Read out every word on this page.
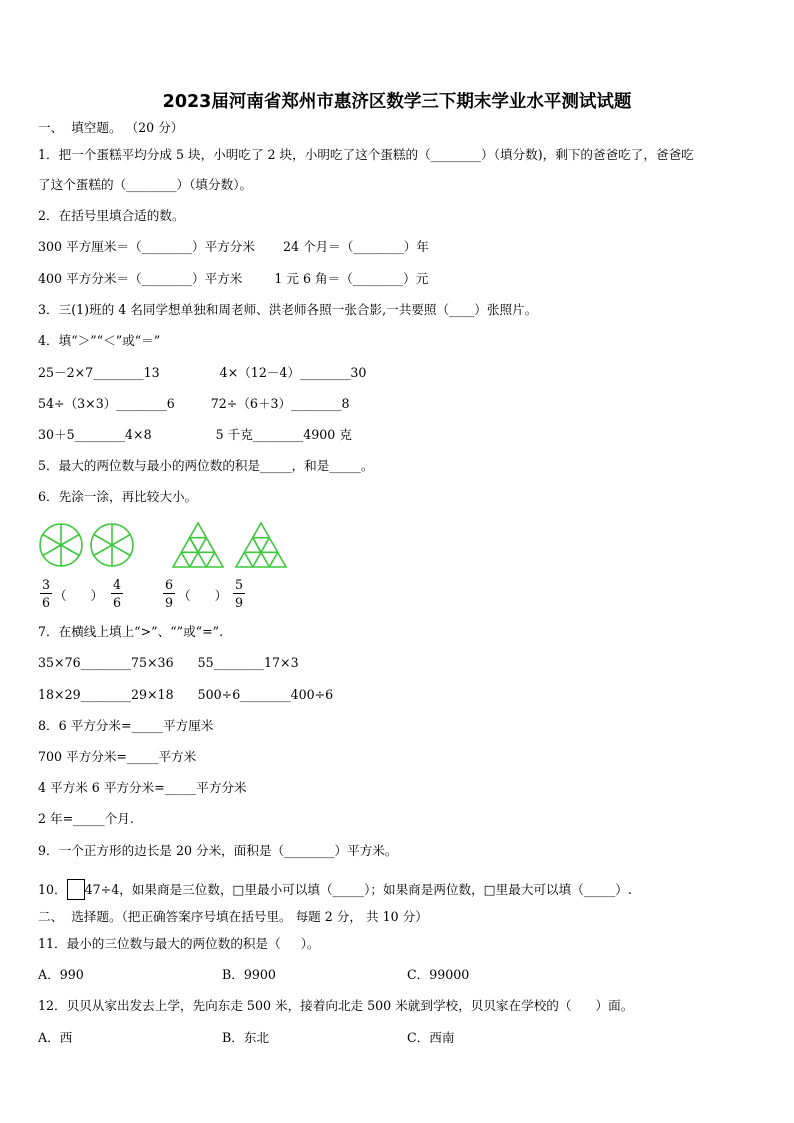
2023届河南省郑州市惠济区数学三下期末学业水平测试试题
一、  填空题。 （20 分）
1．把一个蛋糕平均分成 5 块，小明吃了 2 块，小明吃了这个蛋糕的（________）（填分数)，剩下的爸爸吃了，爸爸吃
了这个蛋糕的（________）（填分数）。
2．在括号里填合适的数。
300 平方厘米＝（________）平方分米       24 个月＝（________）年
400 平方分米＝（________）平方米        1 元 6 角＝（________）元
3．三(1)班的 4 名同学想单独和周老师、洪老师各照一张合影,一共要照（____）张照片。
4．填“＞”“＜”或“＝”
25－2×7________13               4×（12－4）________30
54÷（3×3）________6         72÷（6＋3）________8
30＋5________4×8                5 千克________4900 克
5．最大的两位数与最小的两位数的积是_____，和是_____。
6．先涂一涂，再比较大小。
3
6 （      ）
4
6
6
9 （      ）
5
9
7．在横线上填上“>”、“”或“=”.
35×76________75×36      55________17×3
18×29________29×18      500÷6________400÷6
8．6 平方分米=_____平方厘米
700 平方分米=_____平方米
4 平方米 6 平方分米=_____平方分米
2 年=_____个月.
9．一个正方形的边长是 20 分米，面积是（________）平方米。
10． 47÷4，如果商是三位数，□里最小可以填（_____）；如果商是两位数，□里最大可以填（_____）.
二、  选择题。（把正确答案序号填在括号里。 每题 2 分， 共 10 分）
11．最小的三位数与最大的两位数的积是（     ）。
A．990	B．9900	C．99000
12．贝贝从家出发去上学，先向东走 500 米，接着向北走 500 米就到学校，贝贝家在学校的（      ）面。
A．西	B．东北	C．西南
